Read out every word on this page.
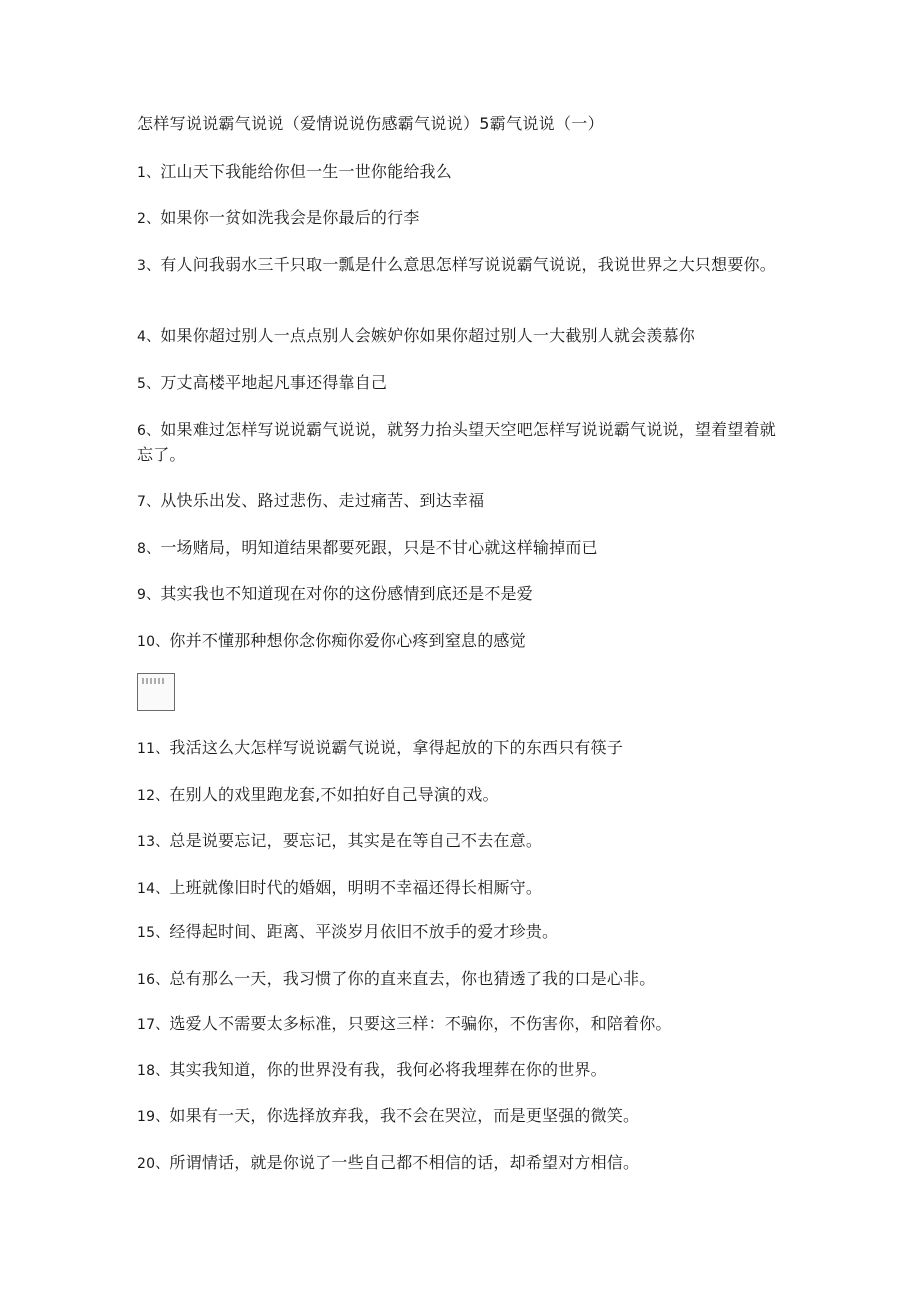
怎样写说说霸气说说（爱情说说伤感霸气说说）5霸气说说（一）
1、江山天下我能给你但一生一世你能给我么
2、如果你一贫如洗我会是你最后的行李
3、有人问我弱水三千只取一瓢是什么意思怎样写说说霸气说说，我说世界之大只想要你。
4、如果你超过别人一点点别人会嫉妒你如果你超过别人一大截别人就会羡慕你
5、万丈高楼平地起凡事还得靠自己
6、如果难过怎样写说说霸气说说，就努力抬头望天空吧怎样写说说霸气说说，望着望着就忘了。
7、从快乐出发、路过悲伤、走过痛苦、到达幸福
8、一场赌局，明知道结果都要死跟，只是不甘心就这样输掉而已
9、其实我也不知道现在对你的这份感情到底还是不是爱
10、你并不懂那种想你念你痴你爱你心疼到窒息的感觉
11、我活这么大怎样写说说霸气说说，拿得起放的下的东西只有筷子
12、在别人的戏里跑龙套,不如拍好自己导演的戏。
13、总是说要忘记，要忘记，其实是在等自己不去在意。
14、上班就像旧时代的婚姻，明明不幸福还得长相厮守。
15、经得起时间、距离、平淡岁月依旧不放手的爱才珍贵。
16、总有那么一天，我习惯了你的直来直去，你也猜透了我的口是心非。
17、选爱人不需要太多标准，只要这三样：不骗你，不伤害你，和陪着你。
18、其实我知道，你的世界没有我，我何必将我埋葬在你的世界。
19、如果有一天，你选择放弃我，我不会在哭泣，而是更坚强的微笑。
20、所谓情话，就是你说了一些自己都不相信的话，却希望对方相信。
